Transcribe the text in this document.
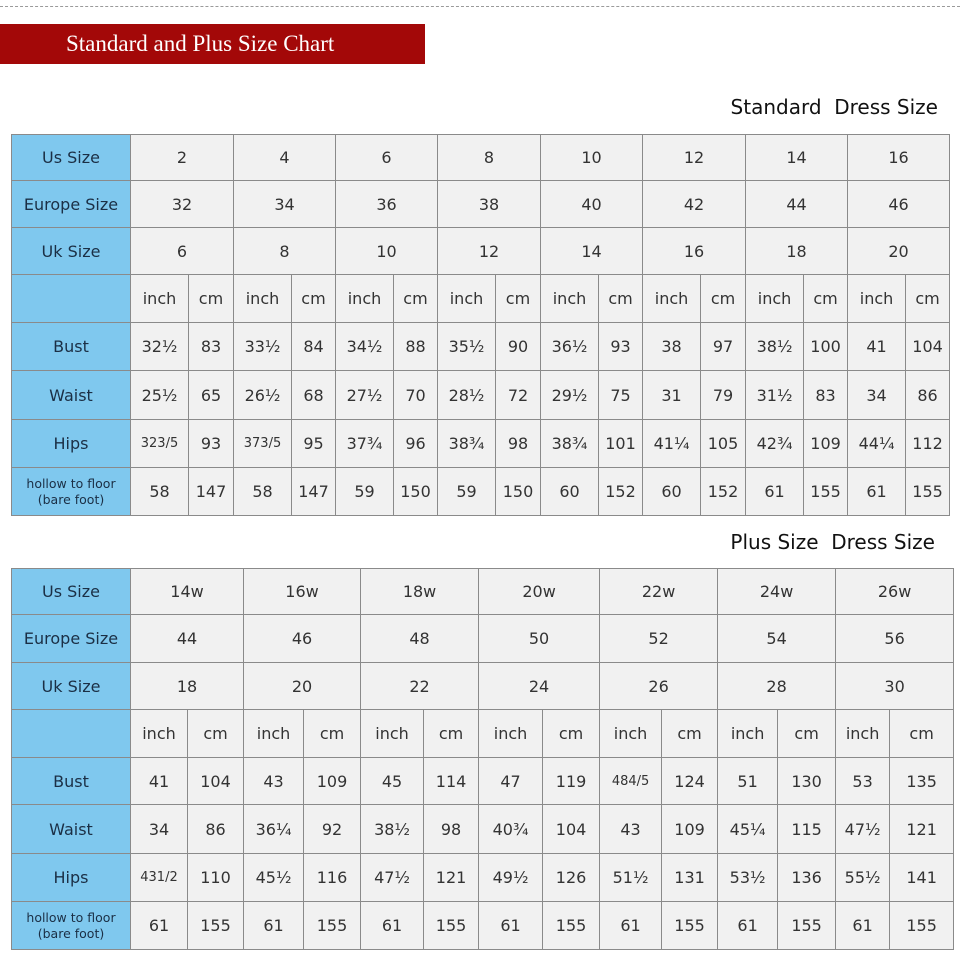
Standard and Plus Size Chart
Standard  Dress Size
Us Size	2		4		6		8		10		12		14		16	
Europe Size	32		34		36		38		40		42		44		46	
Uk Size	6		8		10		12		14		16		18		20	
	inch	cm	inch	cm	inch	cm	inch	cm	inch	cm	inch	cm	inch	cm	inch	cm
Bust	32½	83	33½	84	34½	88	35½	90	36½	93	38	97	38½	100	41	104
Waist	25½	65	26½	68	27½	70	28½	72	29½	75	31	79	31½	83	34	86
Hips	323/5	93	373/5	95	37¾	96	38¾	98	38¾	101	41¼	105	42¾	109	44¼	112

hollow to floor
(bare foot)	58	147	58	147	59	150	59	150	60	152	60	152	61	155	61	155
Plus Size  Dress Size
Us Size	14w		16w		18w		20w		22w		24w		26w	
Europe Size	44		46		48		50		52		54		56	
Uk Size	18		20		22		24		26		28		30	
	inch	cm	inch	cm	inch	cm	inch	cm	inch	cm	inch	cm	inch	cm
Bust	41	104	43	109	45	114	47	119	484/5	124	51	130	53	135
Waist	34	86	36¼	92	38½	98	40¾	104	43	109	45¼	115	47½	121
Hips	431/2	110	45½	116	47½	121	49½	126	51½	131	53½	136	55½	141

hollow to floor
(bare foot)	61	155	61	155	61	155	61	155	61	155	61	155	61	155
